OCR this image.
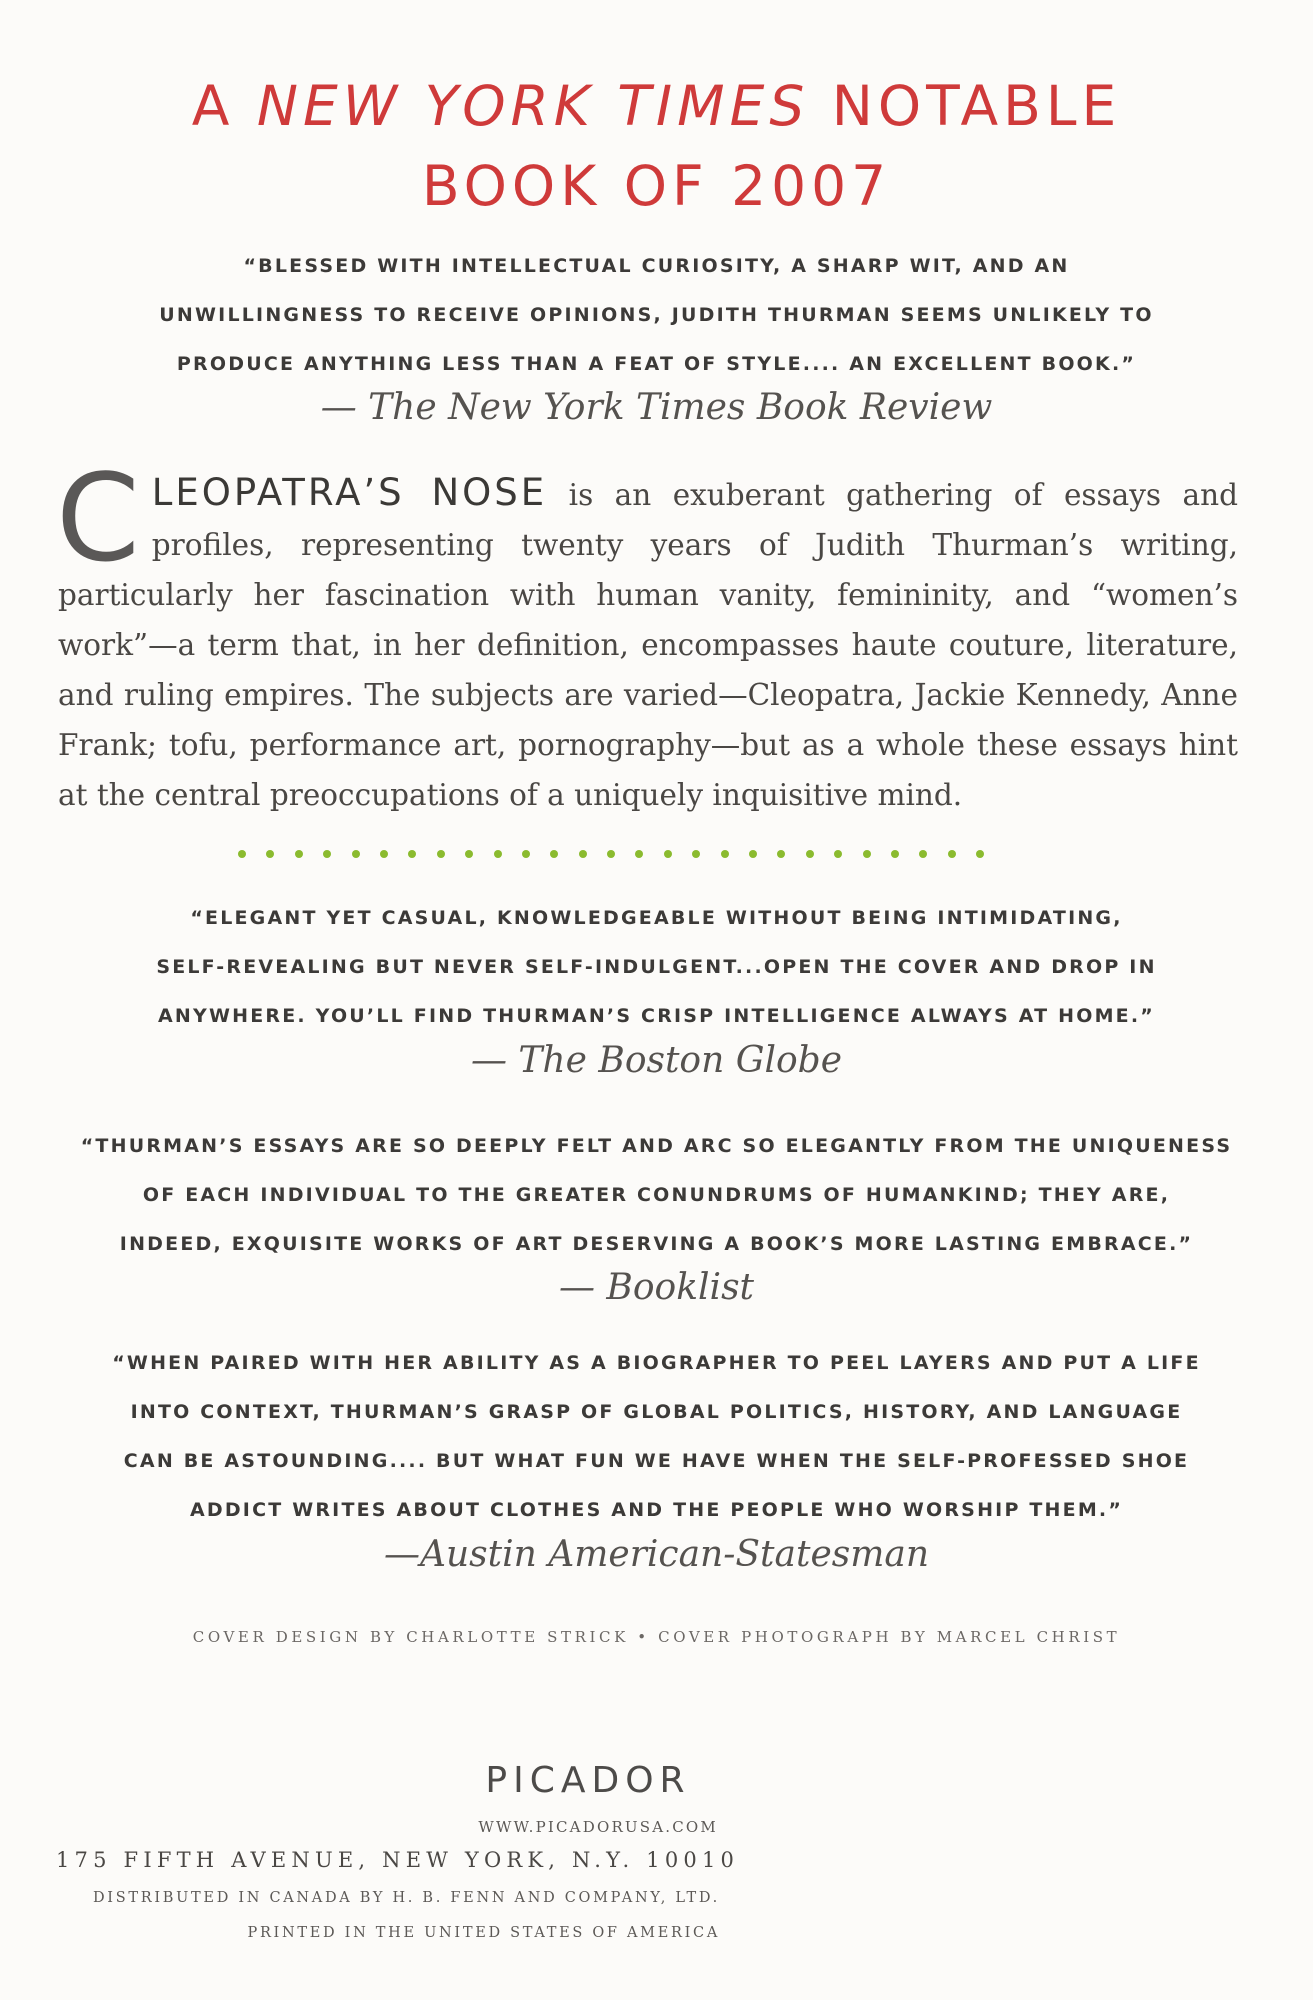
A NEW YORK TIMES NOTABLE
BOOK OF 2007
“BLESSED WITH INTELLECTUAL CURIOSITY, A SHARP WIT, AND AN
UNWILLINGNESS TO RECEIVE OPINIONS, JUDITH THURMAN SEEMS UNLIKELY TO
PRODUCE ANYTHING LESS THAN A FEAT OF STYLE.... AN EXCELLENT BOOK.”
— The New York Times Book Review
CLEOPATRA’S NOSE is an exuberant gathering of essays and profiles, representing twenty years of Judith Thurman’s writing, particularly her fascination with human vanity, femininity, and “women’s work”—a term that, in her definition, encompasses haute couture, literature, and ruling empires. The subjects are varied—Cleopatra, Jackie Kennedy, Anne Frank; tofu, performance art, pornography—but as a whole these essays hint at the central preoccupations of a uniquely inquisitive mind.
“ELEGANT YET CASUAL, KNOWLEDGEABLE WITHOUT BEING INTIMIDATING,
SELF-REVEALING BUT NEVER SELF-INDULGENT...OPEN THE COVER AND DROP IN
ANYWHERE. YOU’LL FIND THURMAN’S CRISP INTELLIGENCE ALWAYS AT HOME.”
— The Boston Globe
“THURMAN’S ESSAYS ARE SO DEEPLY FELT AND ARC SO ELEGANTLY FROM THE UNIQUENESS
OF EACH INDIVIDUAL TO THE GREATER CONUNDRUMS OF HUMANKIND; THEY ARE,
INDEED, EXQUISITE WORKS OF ART DESERVING A BOOK’S MORE LASTING EMBRACE.”
— Booklist
“WHEN PAIRED WITH HER ABILITY AS A BIOGRAPHER TO PEEL LAYERS AND PUT A LIFE
INTO CONTEXT, THURMAN’S GRASP OF GLOBAL POLITICS, HISTORY, AND LANGUAGE
CAN BE ASTOUNDING.... BUT WHAT FUN WE HAVE WHEN THE SELF-PROFESSED SHOE
ADDICT WRITES ABOUT CLOTHES AND THE PEOPLE WHO WORSHIP THEM.”
—Austin American-Statesman
COVER DESIGN BY CHARLOTTE STRICK • COVER PHOTOGRAPH BY MARCEL CHRIST
PICADOR
WWW.PICADORUSA.COM
175 FIFTH AVENUE, NEW YORK, N.Y. 10010
DISTRIBUTED IN CANADA BY H. B. FENN AND COMPANY, LTD.
PRINTED IN THE UNITED STATES OF AMERICA
